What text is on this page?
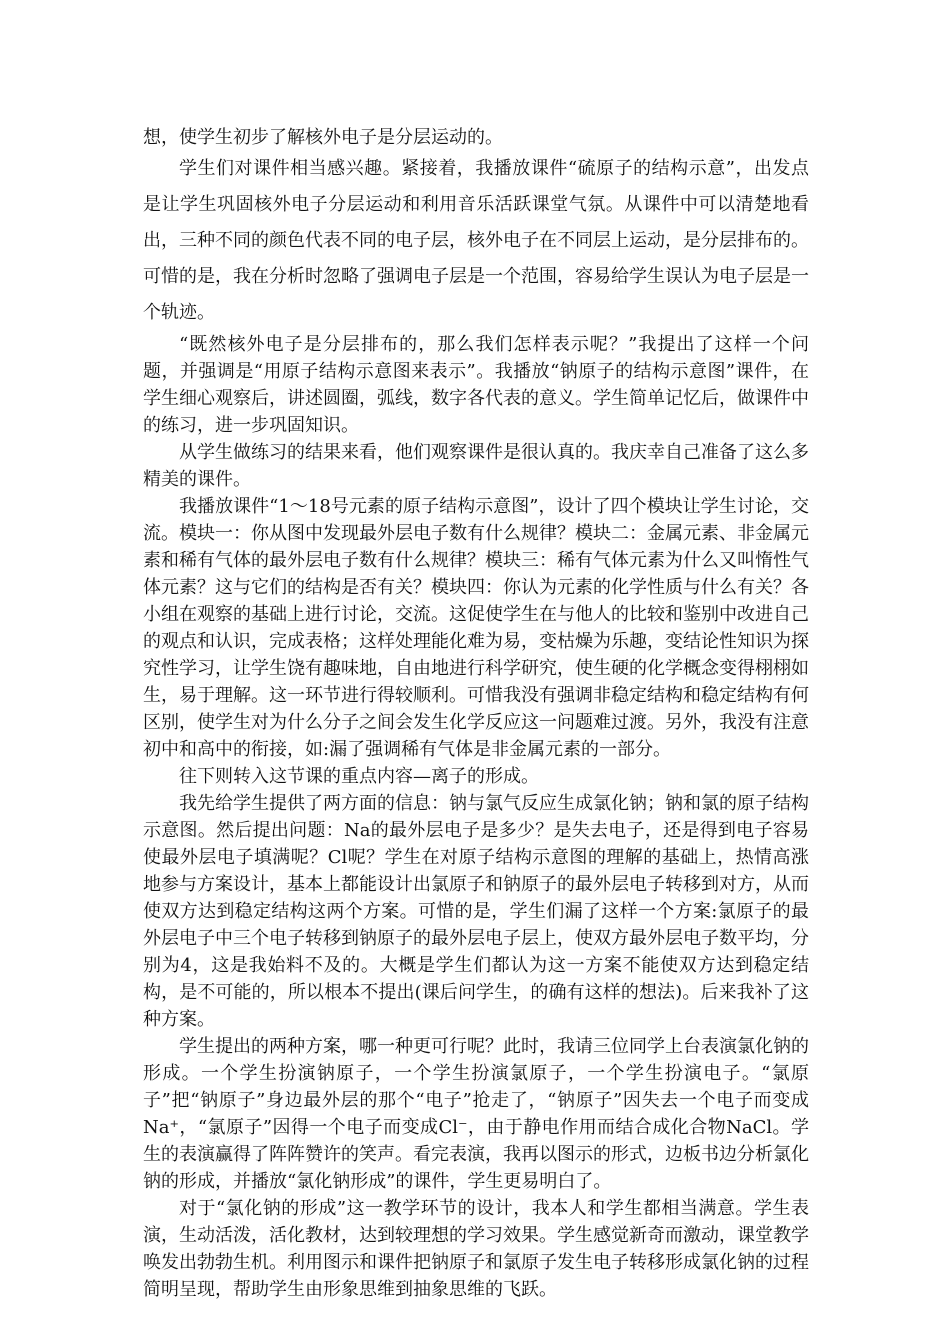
想，使学生初步了解核外电子是分层运动的。

学生们对课件相当感兴趣。紧接着，我播放课件“硫原子的结构示意”，出发点是让学生巩固核外电子分层运动和利用音乐活跃课堂气氛。从课件中可以清楚地看出，三种不同的颜色代表不同的电子层，核外电子在不同层上运动，是分层排布的。可惜的是，我在分析时忽略了强调电子层是一个范围，容易给学生误认为电子层是一个轨迹。

“既然核外电子是分层排布的，那么我们怎样表示呢？”我提出了这样一个问题，并强调是“用原子结构示意图来表示”。我播放“钠原子的结构示意图”课件，在学生细心观察后，讲述圆圈，弧线，数字各代表的意义。学生简单记忆后，做课件中的练习，进一步巩固知识。

从学生做练习的结果来看，他们观察课件是很认真的。我庆幸自己准备了这么多精美的课件。

我播放课件“1～18号元素的原子结构示意图”，设计了四个模块让学生讨论，交流。模块一：你从图中发现最外层电子数有什么规律？模块二：金属元素、非金属元素和稀有气体的最外层电子数有什么规律？模块三：稀有气体元素为什么又叫惰性气体元素？这与它们的结构是否有关？模块四：你认为元素的化学性质与什么有关？各小组在观察的基础上进行讨论，交流。这促使学生在与他人的比较和鉴别中改进自己的观点和认识，完成表格；这样处理能化难为易，变枯燥为乐趣，变结论性知识为探究性学习，让学生饶有趣味地，自由地进行科学研究，使生硬的化学概念变得栩栩如生，易于理解。这一环节进行得较顺利。可惜我没有强调非稳定结构和稳定结构有何区别，使学生对为什么分子之间会发生化学反应这一问题难过渡。另外，我没有注意初中和高中的衔接，如:漏了强调稀有气体是非金属元素的一部分。

往下则转入这节课的重点内容—离子的形成。

我先给学生提供了两方面的信息：钠与氯气反应生成氯化钠；钠和氯的原子结构示意图。然后提出问题：Na的最外层电子是多少？是失去电子，还是得到电子容易使最外层电子填满呢？Cl呢？学生在对原子结构示意图的理解的基础上，热情高涨地参与方案设计，基本上都能设计出氯原子和钠原子的最外层电子转移到对方，从而使双方达到稳定结构这两个方案。可惜的是，学生们漏了这样一个方案:氯原子的最外层电子中三个电子转移到钠原子的最外层电子层上，使双方最外层电子数平均，分别为4，这是我始料不及的。大概是学生们都认为这一方案不能使双方达到稳定结构，是不可能的，所以根本不提出(课后问学生，的确有这样的想法)。后来我补了这种方案。

学生提出的两种方案，哪一种更可行呢？此时，我请三位同学上台表演氯化钠的形成。一个学生扮演钠原子，一个学生扮演氯原子，一个学生扮演电子。“氯原子”把“钠原子”身边最外层的那个“电子”抢走了，“钠原子”因失去一个电子而变成Na⁺，“氯原子”因得一个电子而变成Cl⁻，由于静电作用而结合成化合物NaCl。学生的表演赢得了阵阵赞许的笑声。看完表演，我再以图示的形式，边板书边分析氯化钠的形成，并播放“氯化钠形成”的课件，学生更易明白了。

对于“氯化钠的形成”这一教学环节的设计，我本人和学生都相当满意。学生表演，生动活泼，活化教材，达到较理想的学习效果。学生感觉新奇而激动，课堂教学唤发出勃勃生机。利用图示和课件把钠原子和氯原子发生电子转移形成氯化钠的过程简明呈现，帮助学生由形象思维到抽象思维的飞跃。
